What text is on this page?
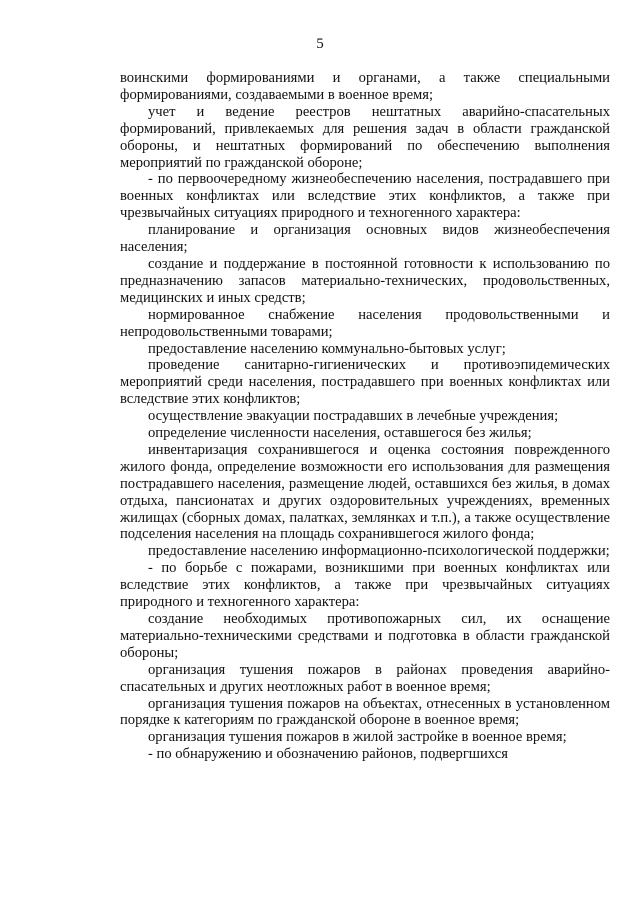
5

воинскими формированиями и органами, а также специальными формированиями, создаваемыми в военное время;

учет и ведение реестров нештатных аварийно-спасательных формирований, привлекаемых для решения задач в области гражданской обороны, и нештатных формирований по обеспечению выполнения мероприятий по гражданской обороне;

- по первоочередному жизнеобеспечению населения, пострадавшего при военных конфликтах или вследствие этих конфликтов, а также при чрезвычайных ситуациях природного и техногенного характера:

планирование и организация основных видов жизнеобеспечения населения;

создание и поддержание в постоянной готовности к использованию по предназначению запасов материально-технических, продовольственных, медицинских и иных средств;

нормированное снабжение населения продовольственными и непродовольственными товарами;

предоставление населению коммунально-бытовых услуг;

проведение санитарно-гигиенических и противоэпидемических мероприятий среди населения, пострадавшего при военных конфликтах или вследствие этих конфликтов;

осуществление эвакуации пострадавших в лечебные учреждения;

определение численности населения, оставшегося без жилья;

инвентаризация сохранившегося и оценка состояния поврежденного жилого фонда, определение возможности его использования для размещения пострадавшего населения, размещение людей, оставшихся без жилья, в домах отдыха, пансионатах и других оздоровительных учреждениях, временных жилищах (сборных домах, палатках, землянках и т.п.), а также осуществление подселения населения на площадь сохранившегося жилого фонда;

предоставление населению информационно-психологической поддержки;

- по борьбе с пожарами, возникшими при военных конфликтах или вследствие этих конфликтов, а также при чрезвычайных ситуациях природного и техногенного характера:

создание необходимых противопожарных сил, их оснащение материально-техническими средствами и подготовка в области гражданской обороны;

организация тушения пожаров в районах проведения аварийно-спасательных и других неотложных работ в военное время;

организация тушения пожаров на объектах, отнесенных в установленном порядке к категориям по гражданской обороне в военное время;

организация тушения пожаров в жилой застройке в военное время;

- по обнаружению и обозначению районов, подвергшихся
